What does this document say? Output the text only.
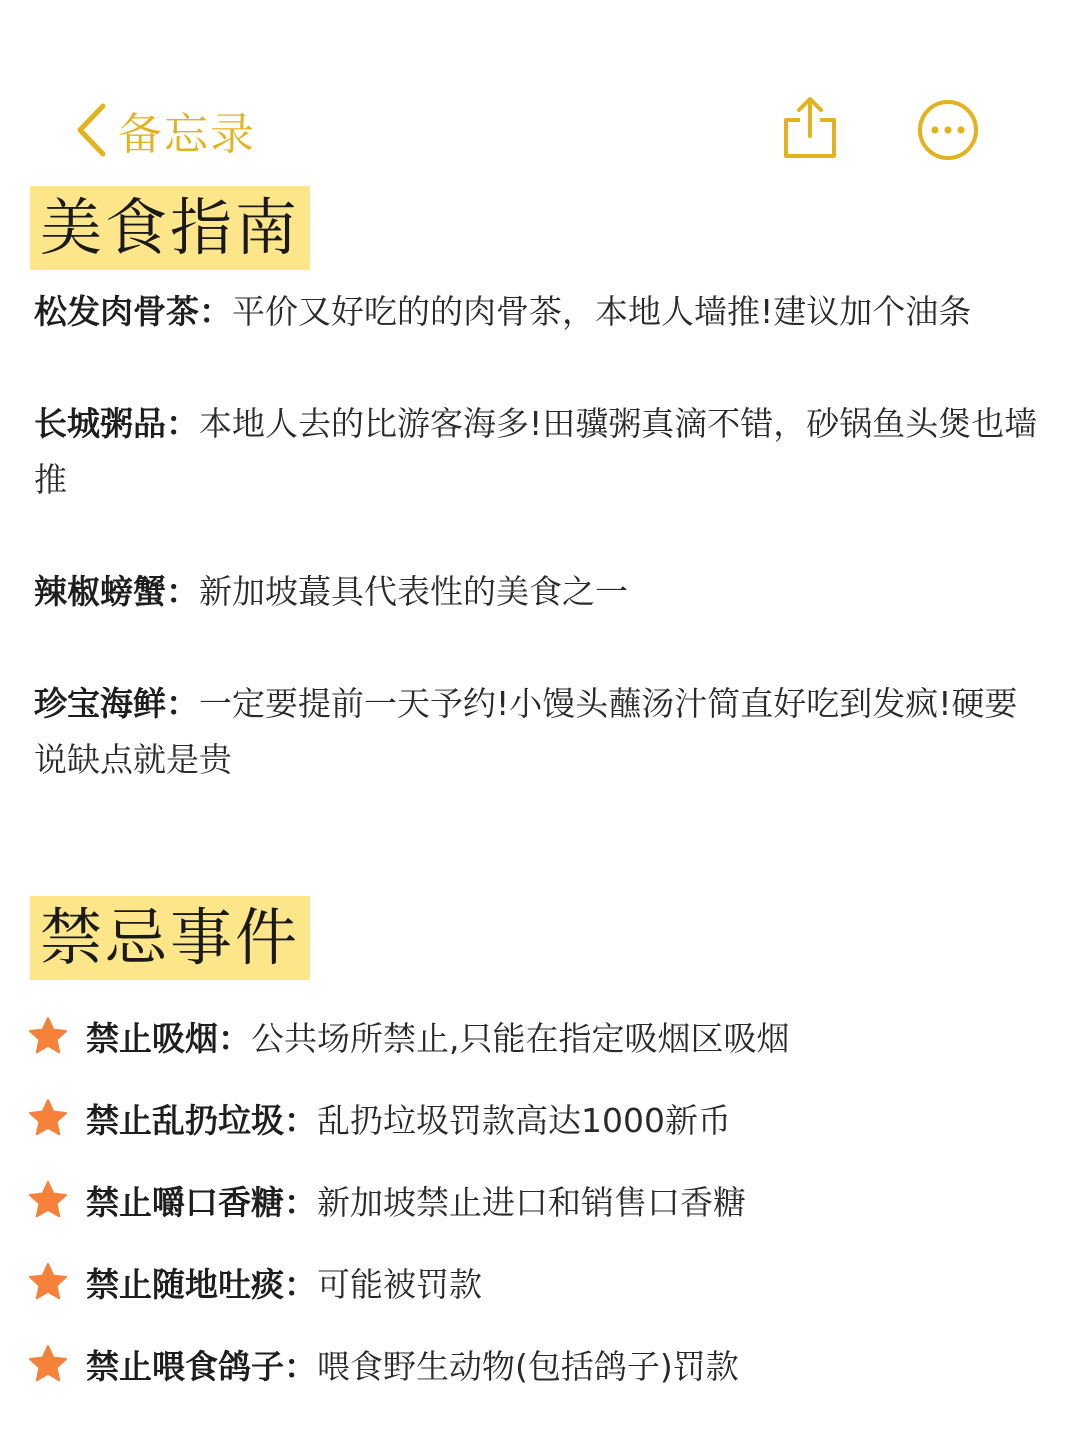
备忘录
美食指南
松发肉骨茶：平价又好吃的的肉骨茶，本地人墙推!建议加个油条
长城粥品：本地人去的比游客海多!田骥粥真滴不错，砂锅鱼头煲也墙推
辣椒螃蟹：新加坡蕞具代表性的美食之一
珍宝海鲜：一定要提前一天予约!小馒头蘸汤汁简直好吃到发疯!硬要说缺点就是贵
禁忌事件
禁止吸烟 ： 公共场所禁止,只能在指定吸烟区吸烟
禁止乱扔垃圾 ： 乱扔垃圾罚款高达1000新币
禁止嚼口香糖 ： 新加坡禁止进口和销售口香糖
禁止随地吐痰 ： 可能被罚款
禁止喂食鸽子 ： 喂食野生动物(包括鸽子)罚款
